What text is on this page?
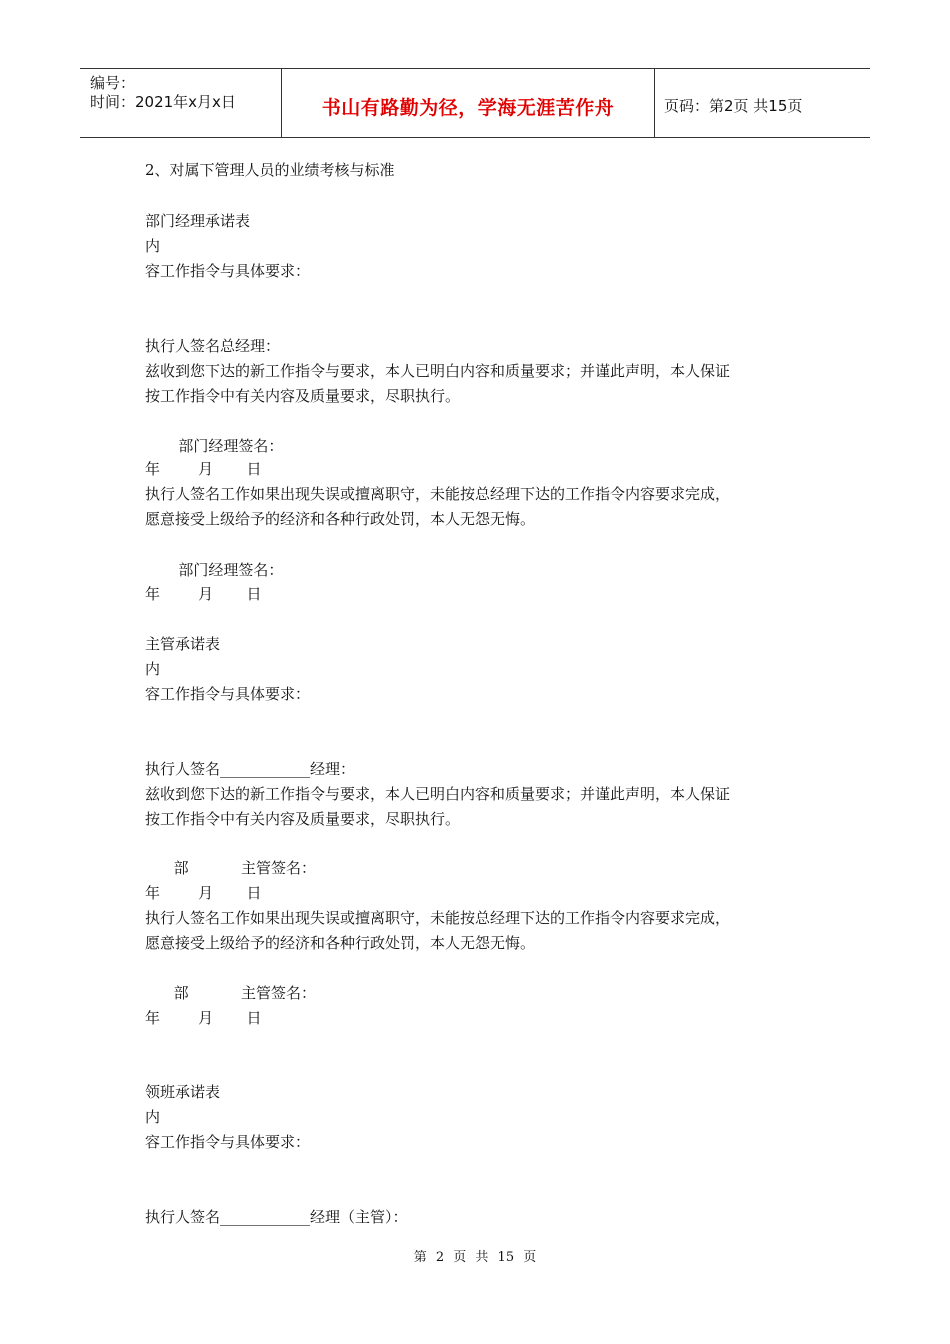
编号：
时间：2021年x月x日	书山有路勤为径，学海无涯苦作舟	页码：第2页 共15页
2、对属下管理人员的业绩考核与标准
部门经理承诺表
内
容工作指令与具体要求：
执行人签名总经理：
兹收到您下达的新工作指令与要求，本人已明白内容和质量要求；并谨此声明，本人保证
按工作指令中有关内容及质量要求，尽职执行。
部门经理签名：
年        月       日
执行人签名工作如果出现失误或擅离职守，未能按总经理下达的工作指令内容要求完成，
愿意接受上级给予的经济和各种行政处罚，本人无怨无悔。
部门经理签名：
年        月       日
主管承诺表
内
容工作指令与具体要求：
执行人签名____________经理：
兹收到您下达的新工作指令与要求，本人已明白内容和质量要求；并谨此声明，本人保证
按工作指令中有关内容及质量要求，尽职执行。
部           主管签名：
年        月       日
执行人签名工作如果出现失误或擅离职守，未能按总经理下达的工作指令内容要求完成，
愿意接受上级给予的经济和各种行政处罚，本人无怨无悔。
部           主管签名：
年        月       日
领班承诺表
内
容工作指令与具体要求：
执行人签名____________经理（主管）：
第 2 页 共 15 页
